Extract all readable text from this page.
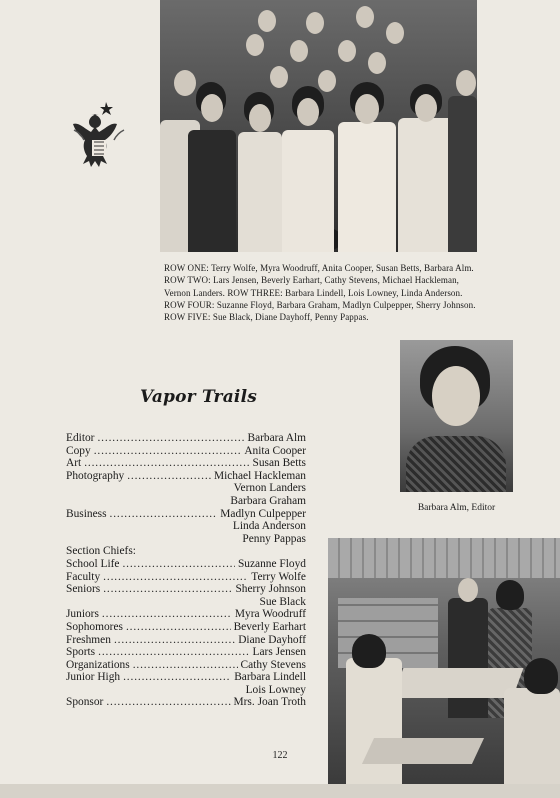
ROW ONE: Terry Wolfe, Myra Woodruff, Anita Cooper, Susan Betts, Barbara Alm. ROW TWO: Lars Jensen, Beverly Earhart, Cathy Stevens, Michael Hackleman, Vernon Landers. ROW THREE: Barbara Lindell, Lois Lowney, Linda Anderson. ROW FOUR: Suzanne Floyd, Barbara Graham, Madlyn Culpepper, Sherry Johnson. ROW FIVE: Sue Black, Diane Dayhoff, Penny Pappas.
Barbara Alm, Editor
Vapor Trails
Editor . . .	Barbara Alm
Copy . . .	Anita Cooper
Art . . .	Susan Betts
Photography . . .	Michael Hackleman
Vernon Landers
Barbara Graham
Business . . .	Madlyn Culpepper
Linda Anderson
Penny Pappas
Section Chiefs:
School Life . . .	Suzanne Floyd
Faculty . . .	Terry Wolfe
Seniors . . .	Sherry Johnson
Sue Black
Juniors . . .	Myra Woodruff
Sophomores . . .	Beverly Earhart
Freshmen . . .	Diane Dayhoff
Sports . . .	Lars Jensen
Organizations . . .	Cathy Stevens
Junior High . . .	Barbara Lindell
Lois Lowney
Sponsor . . .	Mrs. Joan Troth
122
